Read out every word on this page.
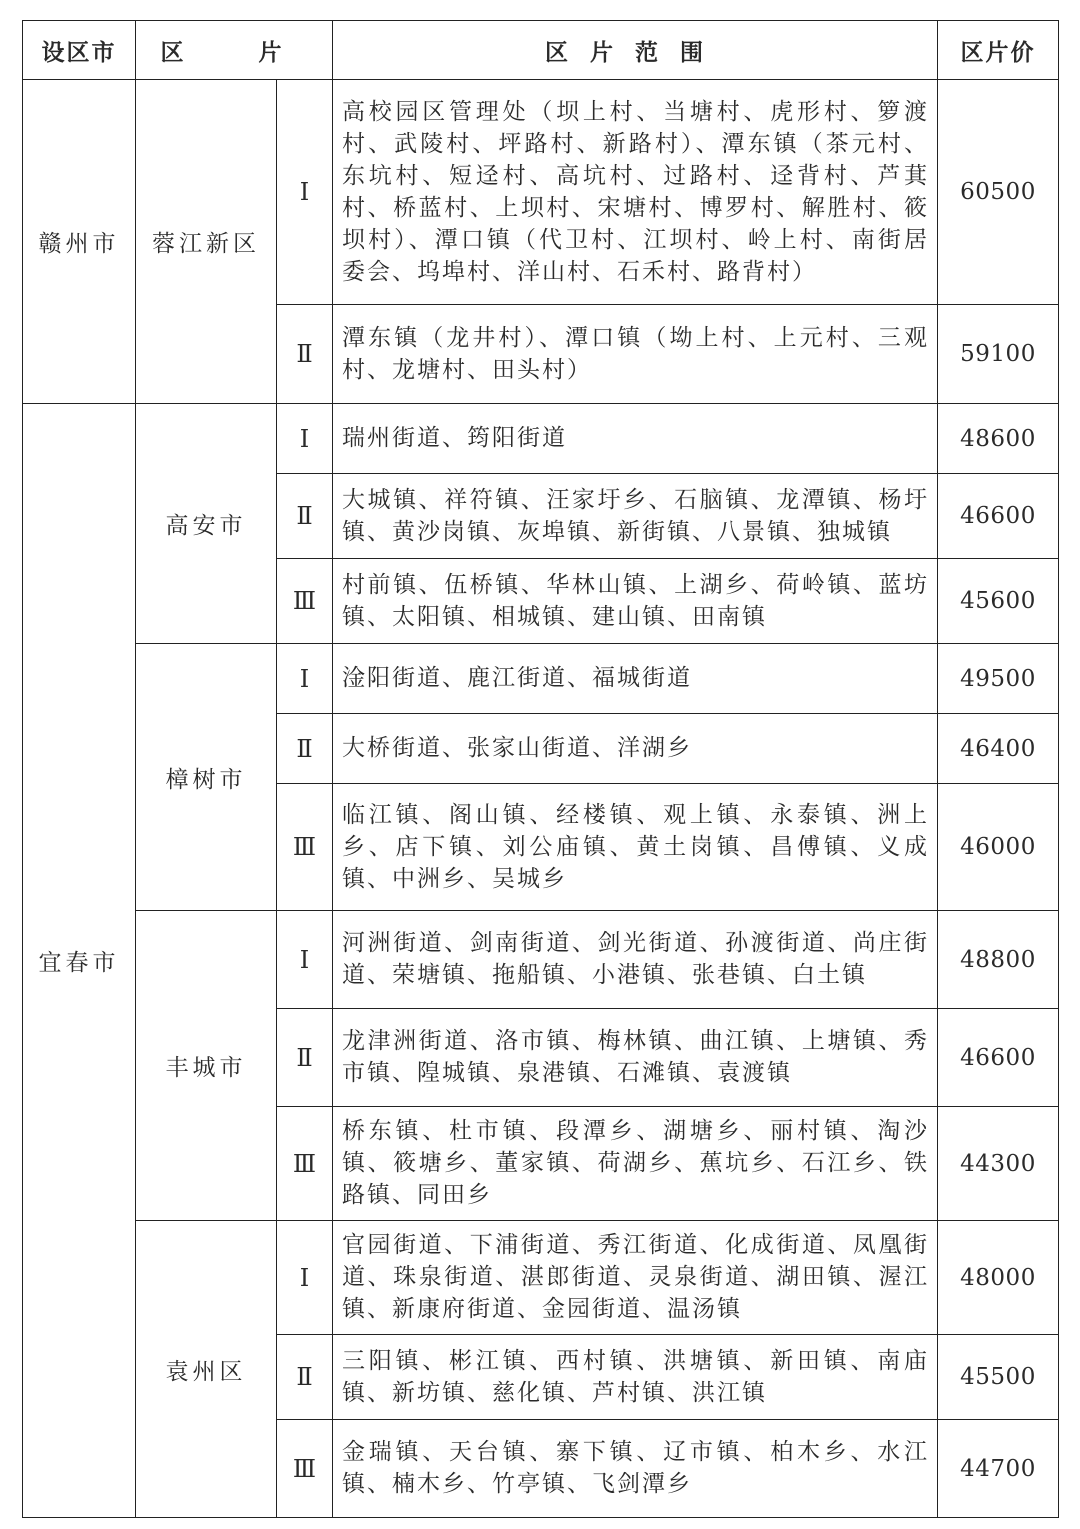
设区市	区　片		区片范围	区片价
赣州市	蓉江新区	Ⅰ	高校园区管理处（坝上村、当塘村、虎形村、箩渡村、武陵村、坪路村、新路村）、潭东镇（茶元村、东坑村、短迳村、高坑村、过路村、迳背村、芦萁村、桥蓝村、上坝村、宋塘村、博罗村、解胜村、筱坝村）、潭口镇（代卫村、江坝村、岭上村、南街居委会、坞埠村、洋山村、石禾村、路背村）	60500
		Ⅱ	潭东镇（龙井村）、潭口镇（坳上村、上元村、三观村、龙塘村、田头村）	59100
宜春市	高安市	Ⅰ	瑞州街道、筠阳街道	48600
		Ⅱ	大城镇、祥符镇、汪家圩乡、石脑镇、龙潭镇、杨圩镇、黄沙岗镇、灰埠镇、新街镇、八景镇、独城镇	46600
		Ⅲ	村前镇、伍桥镇、华林山镇、上湖乡、荷岭镇、蓝坊镇、太阳镇、相城镇、建山镇、田南镇	45600
	樟树市	Ⅰ	淦阳街道、鹿江街道、福城街道	49500
		Ⅱ	大桥街道、张家山街道、洋湖乡	46400
		Ⅲ	临江镇、阁山镇、经楼镇、观上镇、永泰镇、洲上乡、店下镇、刘公庙镇、黄土岗镇、昌傅镇、义成镇、中洲乡、吴城乡	46000
	丰城市	Ⅰ	河洲街道、剑南街道、剑光街道、孙渡街道、尚庄街道、荣塘镇、拖船镇、小港镇、张巷镇、白土镇	48800
		Ⅱ	龙津洲街道、洛市镇、梅林镇、曲江镇、上塘镇、秀市镇、隍城镇、泉港镇、石滩镇、袁渡镇	46600
		Ⅲ	桥东镇、杜市镇、段潭乡、湖塘乡、丽村镇、淘沙镇、筱塘乡、董家镇、荷湖乡、蕉坑乡、石江乡、铁路镇、同田乡	44300
	袁州区	Ⅰ	官园街道、下浦街道、秀江街道、化成街道、凤凰街道、珠泉街道、湛郎街道、灵泉街道、湖田镇、渥江镇、新康府街道、金园街道、温汤镇	48000
		Ⅱ	三阳镇、彬江镇、西村镇、洪塘镇、新田镇、南庙镇、新坊镇、慈化镇、芦村镇、洪江镇	45500
		Ⅲ	金瑞镇、天台镇、寨下镇、辽市镇、柏木乡、水江镇、楠木乡、竹亭镇、飞剑潭乡	44700
